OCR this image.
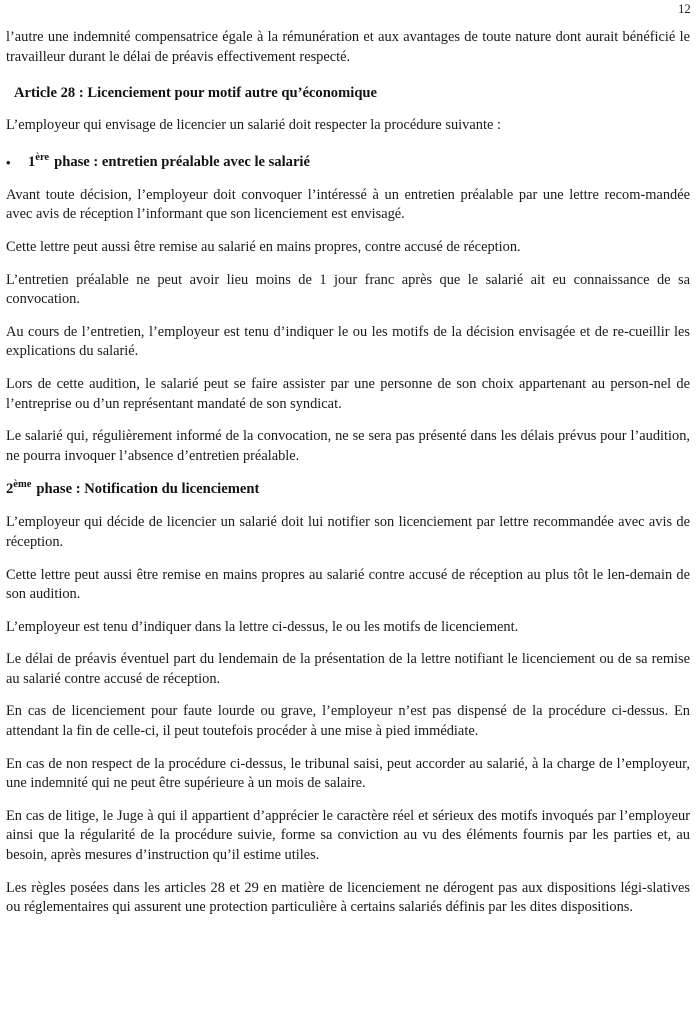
12

l’autre une indemnité compensatrice égale à la rémunération et aux avantages de toute nature dont aurait bénéficié le travailleur durant le délai de préavis effectivement respecté.

Article 28 : Licenciement pour motif autre qu’économique

L’employeur qui envisage de licencier un salarié doit respecter la procédure suivante :

• 1ère phase : entretien préalable avec le salarié

Avant toute décision, l’employeur doit convoquer l’intéressé à un entretien préalable par une lettre recom-mandée avec avis de réception l’informant que son licenciement est envisagé.

Cette lettre peut aussi être remise au salarié en mains propres, contre accusé de réception.

L’entretien préalable ne peut avoir lieu moins de 1 jour franc après que le salarié ait eu connaissance de sa convocation.

Au cours de l’entretien, l’employeur est tenu d’indiquer le ou les motifs de la décision envisagée et de re-cueillir les explications du salarié.

Lors de cette audition, le salarié peut se faire assister par une personne de son choix appartenant au person-nel de l’entreprise ou d’un représentant mandaté de son syndicat.

Le salarié qui, régulièrement informé de la convocation, ne se sera pas présenté dans les délais prévus pour l’audition, ne pourra invoquer l’absence d’entretien préalable.

2ème phase : Notification du licenciement

L’employeur qui décide de licencier un salarié doit lui notifier son licenciement par lettre recommandée avec avis de réception.

Cette lettre peut aussi être remise en mains propres au salarié contre accusé de réception au plus tôt le len-demain de son audition.

L’employeur est tenu d’indiquer dans la lettre ci-dessus, le ou les motifs de licenciement.

Le délai de préavis éventuel part du lendemain de la présentation de la lettre notifiant le licenciement ou de sa remise au salarié contre accusé de réception.

En cas de licenciement pour faute lourde ou grave, l’employeur n’est pas dispensé de la procédure ci-dessus. En attendant la fin de celle-ci, il peut toutefois procéder à une mise à pied immédiate.

En cas de non respect de la procédure ci-dessus, le tribunal saisi, peut accorder au salarié, à la charge de l’employeur, une indemnité qui ne peut être supérieure à un mois de salaire.

En cas de litige, le Juge à qui il appartient d’apprécier le caractère réel et sérieux des motifs invoqués par l’employeur ainsi que la régularité de la procédure suivie, forme sa conviction au vu des éléments fournis par les parties et, au besoin, après mesures d’instruction qu’il estime utiles.

Les règles posées dans les articles 28 et 29 en matière de licenciement ne dérogent pas aux dispositions légi-slatives ou réglementaires qui assurent une protection particulière à certains salariés définis par les dites dispositions.
